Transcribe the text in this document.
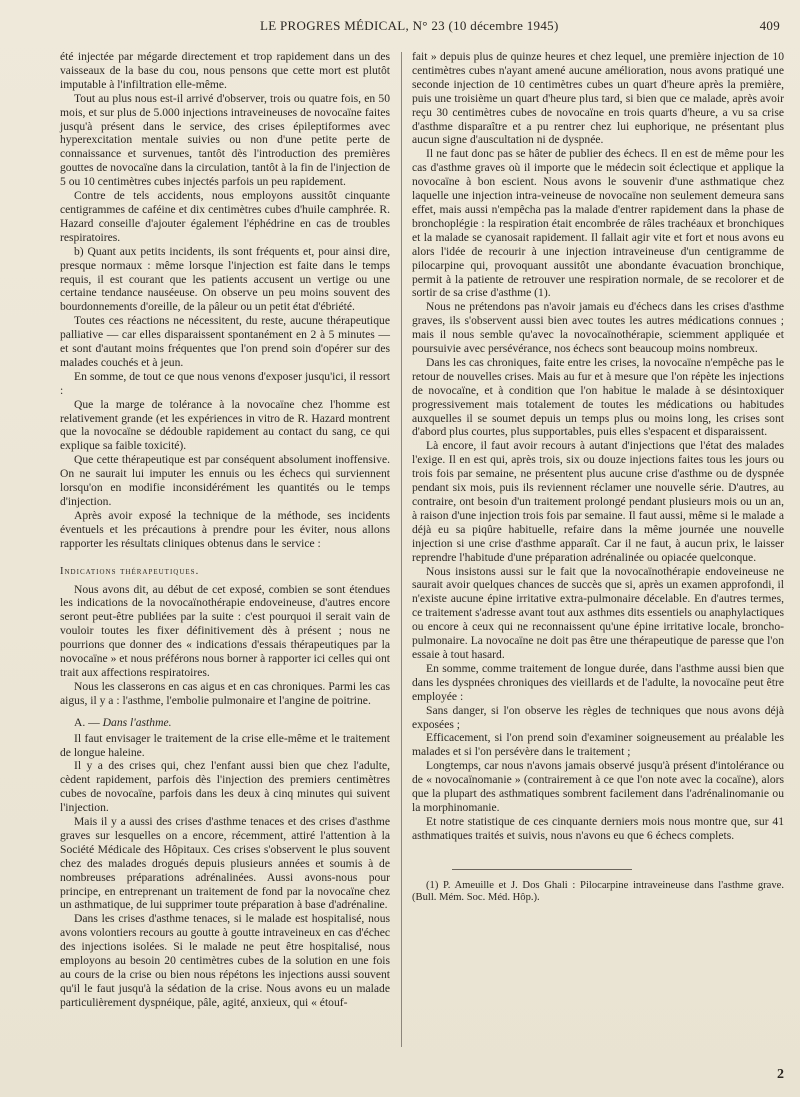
LE PROGRES MÉDICAL, N° 23 (10 décembre 1945)	409

été injectée par mégarde directement et trop rapidement dans un des vaisseaux de la base du cou, nous pensons que cette mort est plutôt imputable à l'infiltration elle-même.

Tout au plus nous est-il arrivé d'observer, trois ou quatre fois, en 50 mois, et sur plus de 5.000 injections intraveineuses de novocaïne faites jusqu'à présent dans le service, des crises épileptiformes avec hyperexcitation mentale suivies ou non d'une petite perte de connaissance et survenues, tantôt dès l'introduction des premières gouttes de novocaïne dans la circulation, tantôt à la fin de l'injection de 5 ou 10 centimètres cubes injectés parfois un peu rapidement.

Contre de tels accidents, nous employons aussitôt cinquante centigrammes de caféine et dix centimètres cubes d'huile camphrée. R. Hazard conseille d'ajouter également l'éphédrine en cas de troubles respiratoires.

b) Quant aux petits incidents, ils sont fréquents et, pour ainsi dire, presque normaux : même lorsque l'injection est faite dans le temps requis, il est courant que les patients accusent un vertige ou une certaine tendance nauséeuse. On observe un peu moins souvent des bourdonnements d'oreille, de la pâleur ou un petit état d'ébriété.

Toutes ces réactions ne nécessitent, du reste, aucune thérapeutique palliative — car elles disparaissent spontanément en 2 à 5 minutes — et sont d'autant moins fréquentes que l'on prend soin d'opérer sur des malades couchés et à jeun.

En somme, de tout ce que nous venons d'exposer jusqu'ici, il ressort :

Que la marge de tolérance à la novocaïne chez l'homme est relativement grande (et les expériences in vitro de R. Hazard montrent que la novocaïne se dédouble rapidement au contact du sang, ce qui explique sa faible toxicité).

Que cette thérapeutique est par conséquent absolument inoffensive. On ne saurait lui imputer les ennuis ou les échecs qui surviennent lorsqu'on en modifie inconsidérément les quantités ou le temps d'injection.

Après avoir exposé la technique de la méthode, ses incidents éventuels et les précautions à prendre pour les éviter, nous allons rapporter les résultats cliniques obtenus dans le service :

Indications thérapeutiques.

Nous avons dit, au début de cet exposé, combien se sont étendues les indications de la novocaïnothérapie endoveineuse, d'autres encore seront peut-être publiées par la suite : c'est pourquoi il serait vain de vouloir toutes les fixer définitivement dès à présent ; nous ne pourrions que donner des « indications d'essais thérapeutiques par la novocaïne » et nous préférons nous borner à rapporter ici celles qui ont trait aux affections respiratoires.

Nous les classerons en cas aigus et en cas chroniques. Parmi les cas aigus, il y a : l'asthme, l'embolie pulmonaire et l'angine de poitrine.

A. — Dans l'asthme.

Il faut envisager le traitement de la crise elle-même et le traitement de longue haleine.

Il y a des crises qui, chez l'enfant aussi bien que chez l'adulte, cèdent rapidement, parfois dès l'injection des premiers centimètres cubes de novocaïne, parfois dans les deux à cinq minutes qui suivent l'injection.

Mais il y a aussi des crises d'asthme tenaces et des crises d'asthme graves sur lesquelles on a encore, récemment, attiré l'attention à la Société Médicale des Hôpitaux. Ces crises s'observent le plus souvent chez des malades drogués depuis plusieurs années et soumis à de nombreuses préparations adrénalinées. Aussi avons-nous pour principe, en entreprenant un traitement de fond par la novocaïne chez un asthmatique, de lui supprimer toute préparation à base d'adrénaline.

Dans les crises d'asthme tenaces, si le malade est hospitalisé, nous avons volontiers recours au goutte à goutte intraveineux en cas d'échec des injections isolées. Si le malade ne peut être hospitalisé, nous employons au besoin 20 centimètres cubes de la solution en une fois au cours de la crise ou bien nous répétons les injections aussi souvent qu'il le faut jusqu'à la sédation de la crise. Nous avons eu un malade particulièrement dyspnéique, pâle, agité, anxieux, qui « étouf-

fait » depuis plus de quinze heures et chez lequel, une première injection de 10 centimètres cubes n'ayant amené aucune amélioration, nous avons pratiqué une seconde injection de 10 centimètres cubes un quart d'heure après la première, puis une troisième un quart d'heure plus tard, si bien que ce malade, après avoir reçu 30 centimètres cubes de novocaïne en trois quarts d'heure, a vu sa crise d'asthme disparaître et a pu rentrer chez lui euphorique, ne présentant plus aucun signe d'auscultation ni de dyspnée.

Il ne faut donc pas se hâter de publier des échecs. Il en est de même pour les cas d'asthme graves où il importe que le médecin soit éclectique et applique la novocaïne à bon escient. Nous avons le souvenir d'une asthmatique chez laquelle une injection intra-veineuse de novocaïne non seulement demeura sans effet, mais aussi n'empêcha pas la malade d'entrer rapidement dans la phase de bronchoplégie : la respiration était encombrée de râles trachéaux et bronchiques et la malade se cyanosait rapidement. Il fallait agir vite et fort et nous avons eu alors l'idée de recourir à une injection intraveineuse d'un centigramme de pilocarpine qui, provoquant aussitôt une abondante évacuation bronchique, permit à la patiente de retrouver une respiration normale, de se recolorer et de sortir de sa crise d'asthme (1).

Nous ne prétendons pas n'avoir jamais eu d'échecs dans les crises d'asthme graves, ils s'observent aussi bien avec toutes les autres médications connues ; mais il nous semble qu'avec la novocaïnothérapie, sciemment appliquée et poursuivie avec persévérance, nos échecs sont beaucoup moins nombreux.

Dans les cas chroniques, faite entre les crises, la novocaïne n'empêche pas le retour de nouvelles crises. Mais au fur et à mesure que l'on répète les injections de novocaïne, et à condition que l'on habitue le malade à se désintoxiquer progressivement mais totalement de toutes les médications ou habitudes auxquelles il se soumet depuis un temps plus ou moins long, les crises sont d'abord plus courtes, plus supportables, puis elles s'espacent et disparaissent.

Là encore, il faut avoir recours à autant d'injections que l'état des malades l'exige. Il en est qui, après trois, six ou douze injections faites tous les jours ou trois fois par semaine, ne présentent plus aucune crise d'asthme ou de dyspnée pendant six mois, puis ils reviennent réclamer une nouvelle série. D'autres, au contraire, ont besoin d'un traitement prolongé pendant plusieurs mois ou un an, à raison d'une injection trois fois par semaine. Il faut aussi, même si le malade a déjà eu sa piqûre habituelle, refaire dans la même journée une nouvelle injection si une crise d'asthme apparaît. Car il ne faut, à aucun prix, le laisser reprendre l'habitude d'une préparation adrénalinée ou opiacée quelconque.

Nous insistons aussi sur le fait que la novocaïnothérapie endoveineuse ne saurait avoir quelques chances de succès que si, après un examen approfondi, il n'existe aucune épine irritative extra-pulmonaire décelable. En d'autres termes, ce traitement s'adresse avant tout aux asthmes dits essentiels ou anaphylactiques ou encore à ceux qui ne reconnaissent qu'une épine irritative locale, broncho-pulmonaire. La novocaïne ne doit pas être une thérapeutique de paresse que l'on essaie à tout hasard.

En somme, comme traitement de longue durée, dans l'asthme aussi bien que dans les dyspnées chroniques des vieillards et de l'adulte, la novocaïne peut être employée :

Sans danger, si l'on observe les règles de techniques que nous avons déjà exposées ;

Efficacement, si l'on prend soin d'examiner soigneusement au préalable les malades et si l'on persévère dans le traitement ;

Longtemps, car nous n'avons jamais observé jusqu'à présent d'intolérance ou de « novocaïnomanie » (contrairement à ce que l'on note avec la cocaïne), alors que la plupart des asthmatiques sombrent facilement dans l'adrénalinomanie ou la morphinomanie.

Et notre statistique de ces cinquante derniers mois nous montre que, sur 41 asthmatiques traités et suivis, nous n'avons eu que 6 échecs complets.

(1) P. Ameuille et J. Dos Ghali : Pilocarpine intraveineuse dans l'asthme grave. (Bull. Mém. Soc. Méd. Hôp.).

2
